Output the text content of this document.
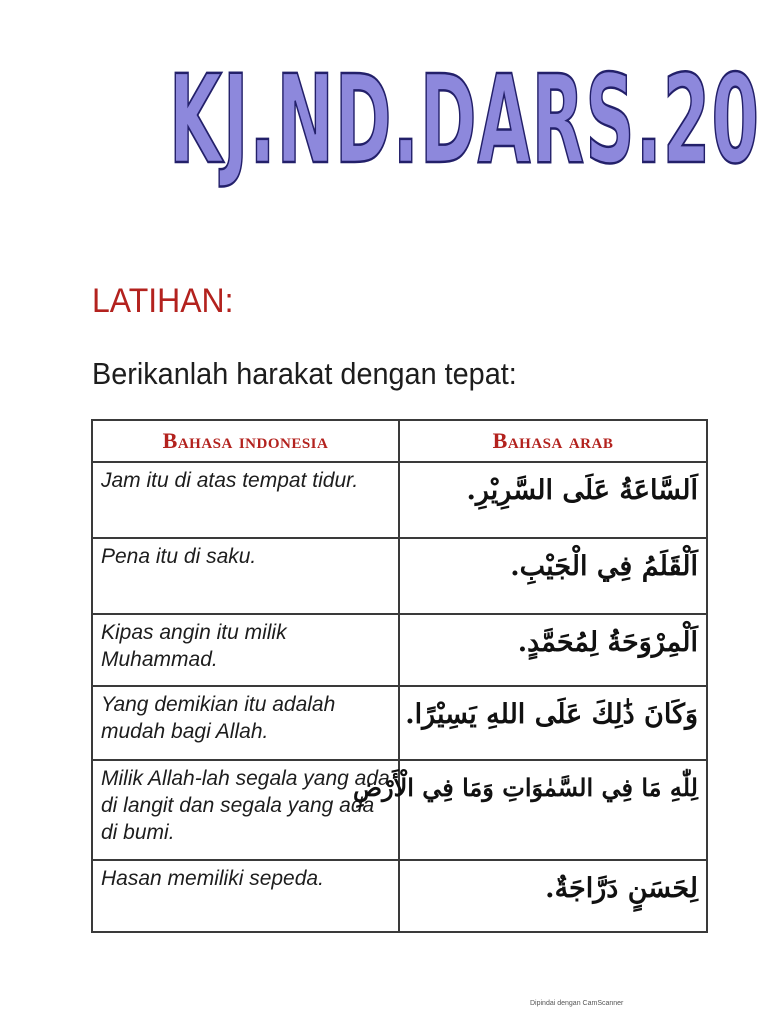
KJ.ND.DARS.20
LATIHAN:
Berikanlah harakat dengan tepat:
Bahasa indonesia	Bahasa arab
Jam itu di atas tempat tidur.	اَلسَّاعَةُ عَلَى السَّرِيْرِ.
Pena itu di saku.	اَلْقَلَمُ فِي الْجَيْبِ.
Kipas angin itu milik Muhammad.	اَلْمِرْوَحَةُ لِمُحَمَّدٍ.
Yang demikian itu adalah mudah bagi Allah.	وَكَانَ ذَٰلِكَ عَلَى اللهِ يَسِيْرًا.
Milik Allah-lah segala yang ada di langit dan segala yang ada di bumi.	لِلّٰهِ مَا فِي السَّمٰوَاتِ وَمَا فِي الْأَرْضِ
Hasan memiliki sepeda.	لِحَسَنٍ دَرَّاجَةٌ.
Dipindai dengan CamScanner
